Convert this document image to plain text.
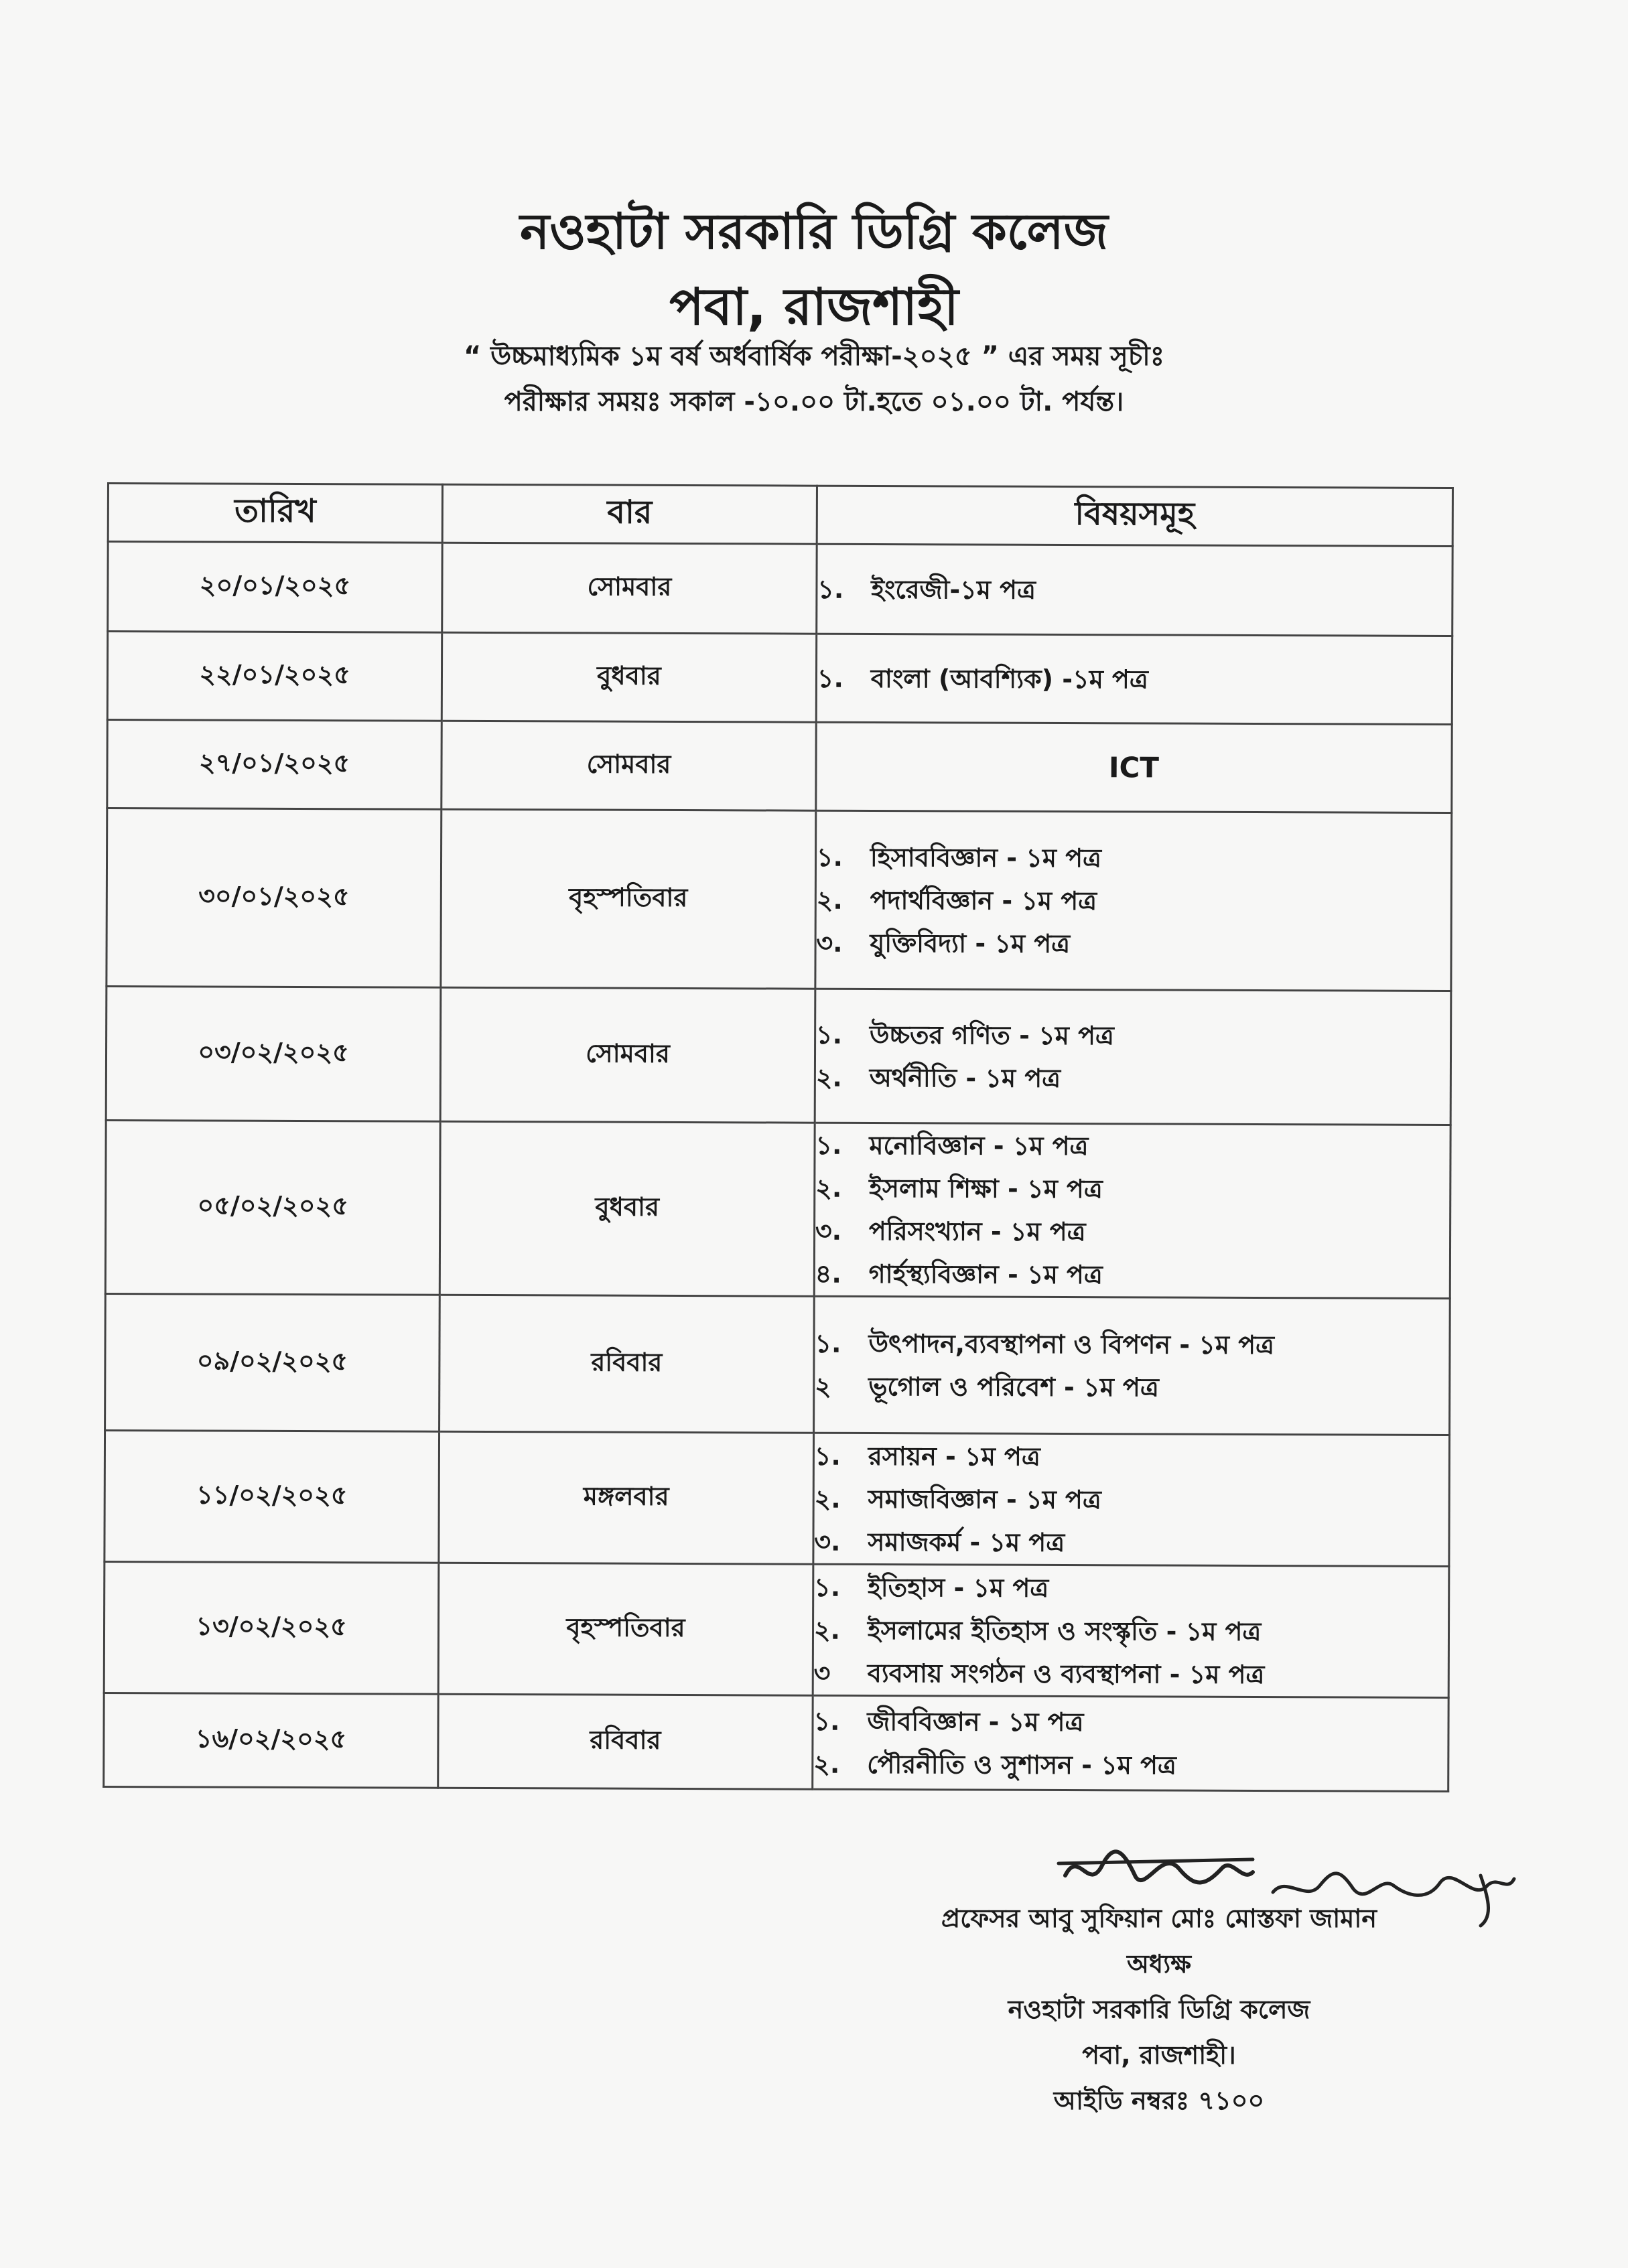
নওহাটা সরকারি ডিগ্রি কলেজ
পবা, রাজশাহী
“ উচ্চমাধ্যমিক ১ম বর্ষ অর্ধবার্ষিক পরীক্ষা-২০২৫ ” এর সময় সূচীঃ
পরীক্ষার সময়ঃ সকাল -১০.০০ টা.হতে ০১.০০ টা. পর্যন্ত।
তারিখ	বার	বিষয়সমূহ
২০/০১/২০২৫	সোমবার	১. ইংরেজী-১ম পত্র

২২/০১/২০২৫	বুধবার	১. বাংলা (আবশ্যিক) -১ম পত্র

২৭/০১/২০২৫	সোমবার	ICT
৩০/০১/২০২৫	বৃহস্পতিবার	১. হিসাববিজ্ঞান - ১ম পত্র
২. পদার্থবিজ্ঞান - ১ম পত্র
৩. যুক্তিবিদ্যা - ১ম পত্র

০৩/০২/২০২৫	সোমবার	১. উচ্চতর গণিত - ১ম পত্র
২. অর্থনীতি - ১ম পত্র

০৫/০২/২০২৫	বুধবার	১. মনোবিজ্ঞান - ১ম পত্র
২. ইসলাম শিক্ষা - ১ম পত্র
৩. পরিসংখ্যান - ১ম পত্র
৪. গার্হস্থ্যবিজ্ঞান - ১ম পত্র

০৯/০২/২০২৫	রবিবার	১. উৎপাদন,ব্যবস্থাপনা ও বিপণন - ১ম পত্র
২ ভূগোল ও পরিবেশ - ১ম পত্র

১১/০২/২০২৫	মঙ্গলবার	১. রসায়ন - ১ম পত্র
২. সমাজবিজ্ঞান - ১ম পত্র
৩. সমাজকর্ম - ১ম পত্র

১৩/০২/২০২৫	বৃহস্পতিবার	১. ইতিহাস - ১ম পত্র
২. ইসলামের ইতিহাস ও সংস্কৃতি - ১ম পত্র
৩ ব্যবসায় সংগঠন ও ব্যবস্থাপনা - ১ম পত্র

১৬/০২/২০২৫	রবিবার	১. জীববিজ্ঞান - ১ম পত্র
২. পৌরনীতি ও সুশাসন - ১ম পত্র
প্রফেসর আবু সুফিয়ান মোঃ মোস্তফা জামান
অধ্যক্ষ
নওহাটা সরকারি ডিগ্রি কলেজ
পবা, রাজশাহী।
আইডি নম্বরঃ ৭১০০
